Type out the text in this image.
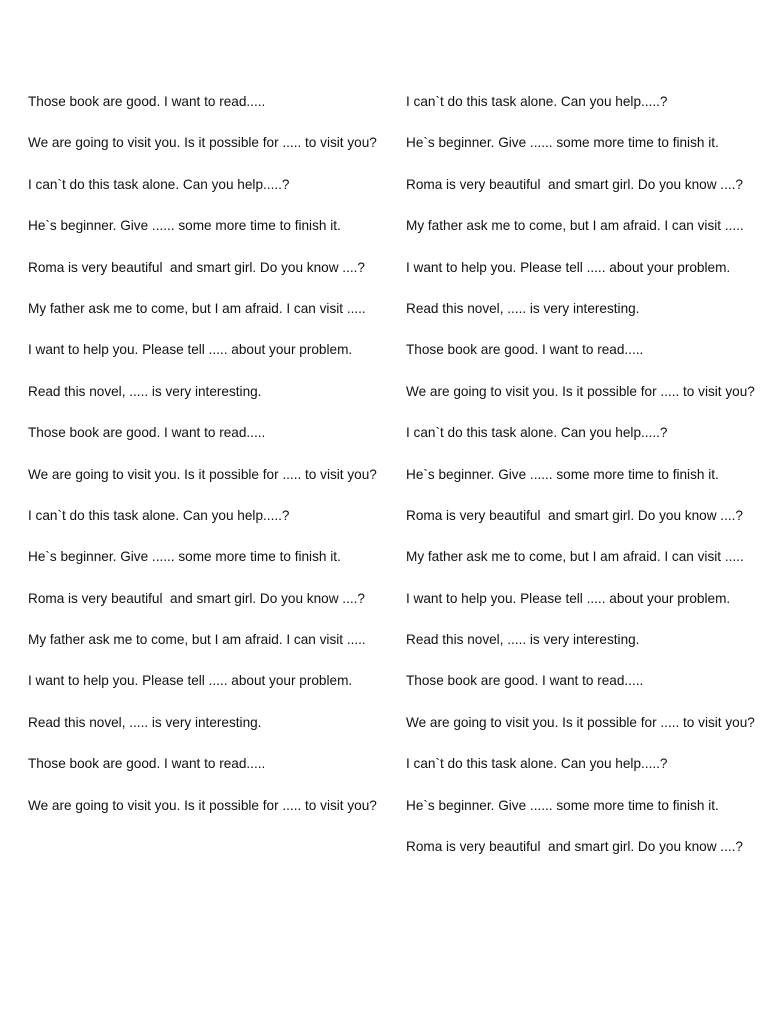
Those book are good. I want to read.....
We are going to visit you. Is it possible for ..... to visit you?
I can`t do this task alone. Can you help.....?
He`s beginner. Give ...... some more time to finish it.
Roma is very beautiful  and smart girl. Do you know ....?
My father ask me to come, but I am afraid. I can visit .....
I want to help you. Please tell ..... about your problem.
Read this novel, ..... is very interesting.
Those book are good. I want to read.....
We are going to visit you. Is it possible for ..... to visit you?
I can`t do this task alone. Can you help.....?
He`s beginner. Give ...... some more time to finish it.
Roma is very beautiful  and smart girl. Do you know ....?
My father ask me to come, but I am afraid. I can visit .....
I want to help you. Please tell ..... about your problem.
Read this novel, ..... is very interesting.
Those book are good. I want to read.....
We are going to visit you. Is it possible for ..... to visit you?
I can`t do this task alone. Can you help.....?
He`s beginner. Give ...... some more time to finish it.
Roma is very beautiful  and smart girl. Do you know ....?
My father ask me to come, but I am afraid. I can visit .....
I want to help you. Please tell ..... about your problem.
Read this novel, ..... is very interesting.
Those book are good. I want to read.....
We are going to visit you. Is it possible for ..... to visit you?
I can`t do this task alone. Can you help.....?
He`s beginner. Give ...... some more time to finish it.
Roma is very beautiful  and smart girl. Do you know ....?
My father ask me to come, but I am afraid. I can visit .....
I want to help you. Please tell ..... about your problem.
Read this novel, ..... is very interesting.
Those book are good. I want to read.....
We are going to visit you. Is it possible for ..... to visit you?
I can`t do this task alone. Can you help.....?
He`s beginner. Give ...... some more time to finish it.
Roma is very beautiful  and smart girl. Do you know ....?
